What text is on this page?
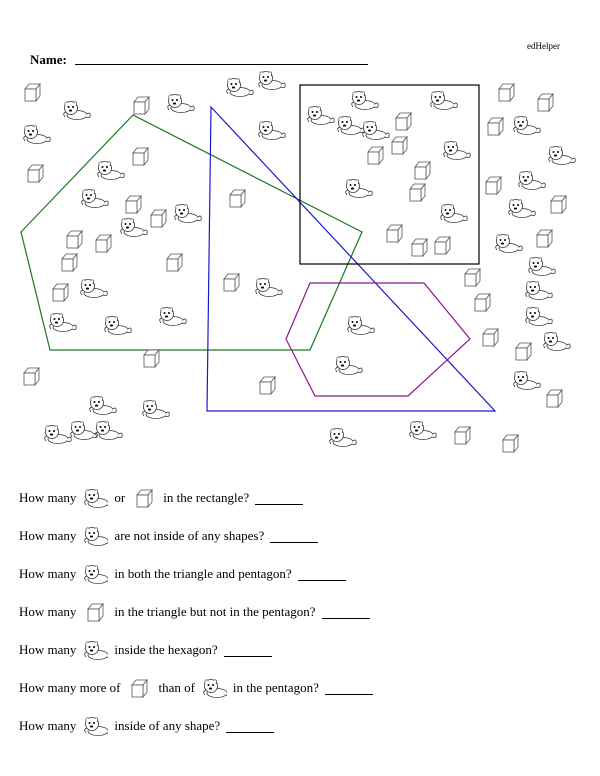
edHelper
Name:
How many	or	in the rectangle?
How many	are not inside of any shapes?
How many	in both the triangle and pentagon?
How many	in the triangle but not in the pentagon?
How many	inside the hexagon?
How many more of	than of	in the pentagon?
How many	inside of any shape?
